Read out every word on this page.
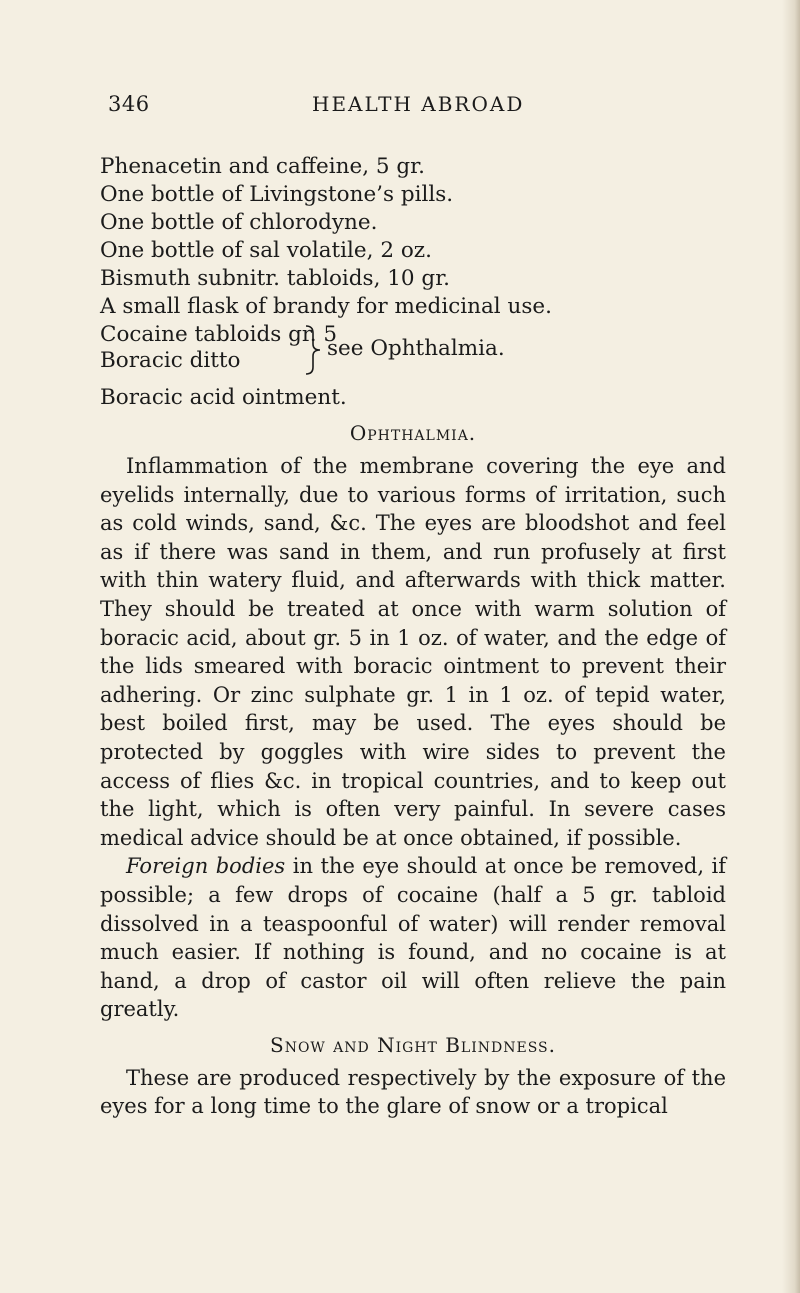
346	HEALTH ABROAD
Phenacetin and caffeine, 5 gr.
One bottle of Livingstone’s pills.
One bottle of chlorodyne.
One bottle of sal volatile, 2 oz.
Bismuth subnitr. tabloids, 10 gr.
A small flask of brandy for medicinal use.
Cocaine tabloids gr. 5
Boracic ditto	see Ophthalmia.
Boracic acid ointment.
Ophthalmia.

Inflammation of the membrane covering the eye and eyelids internally, due to various forms of irritation, such as cold winds, sand, &c. The eyes are bloodshot and feel as if there was sand in them, and run profusely at first with thin watery fluid, and afterwards with thick matter. They should be treated at once with warm solution of boracic acid, about gr. 5 in 1 oz. of water, and the edge of the lids smeared with boracic ointment to prevent their adhering. Or zinc sulphate gr. 1 in 1 oz. of tepid water, best boiled first, may be used. The eyes should be protected by goggles with wire sides to prevent the access of flies &c. in tropical countries, and to keep out the light, which is often very painful. In severe cases medical advice should be at once obtained, if possible.

Foreign bodies in the eye should at once be removed, if possible; a few drops of cocaine (half a 5 gr. tabloid dissolved in a teaspoonful of water) will render removal much easier. If nothing is found, and no cocaine is at hand, a drop of castor oil will often relieve the pain greatly.

Snow and Night Blindness.

These are produced respectively by the exposure of the eyes for a long time to the glare of snow or a tropical
